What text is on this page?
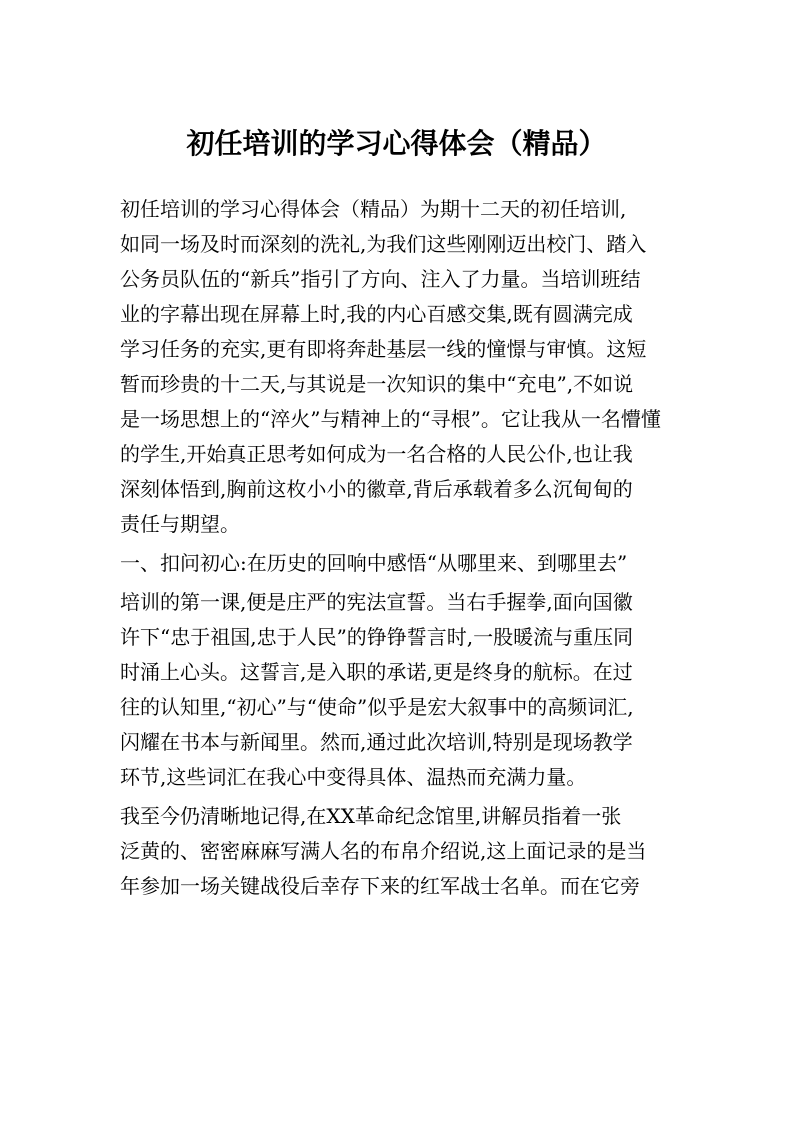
初任培训的学习心得体会（精品）
初任培训的学习心得体会（精品）为期十二天的初任培训,
如同一场及时而深刻的洗礼,为我们这些刚刚迈出校门、踏入
公务员队伍的“新兵”指引了方向、注入了力量。当培训班结
业的字幕出现在屏幕上时,我的内心百感交集,既有圆满完成
学习任务的充实,更有即将奔赴基层一线的憧憬与审慎。这短
暂而珍贵的十二天,与其说是一次知识的集中“充电”,不如说
是一场思想上的“淬火”与精神上的“寻根”。它让我从一名懵懂
的学生,开始真正思考如何成为一名合格的人民公仆,也让我
深刻体悟到,胸前这枚小小的徽章,背后承载着多么沉甸甸的
责任与期望。
一、扣问初心:在历史的回响中感悟“从哪里来、到哪里去”
培训的第一课,便是庄严的宪法宣誓。当右手握拳,面向国徽
许下“忠于祖国,忠于人民”的铮铮誓言时,一股暖流与重压同
时涌上心头。这誓言,是入职的承诺,更是终身的航标。在过
往的认知里,“初心”与“使命”似乎是宏大叙事中的高频词汇,
闪耀在书本与新闻里。然而,通过此次培训,特别是现场教学
环节,这些词汇在我心中变得具体、温热而充满力量。
我至今仍清晰地记得,在XX革命纪念馆里,讲解员指着一张
泛黄的、密密麻麻写满人名的布帛介绍说,这上面记录的是当
年参加一场关键战役后幸存下来的红军战士名单。而在它旁
